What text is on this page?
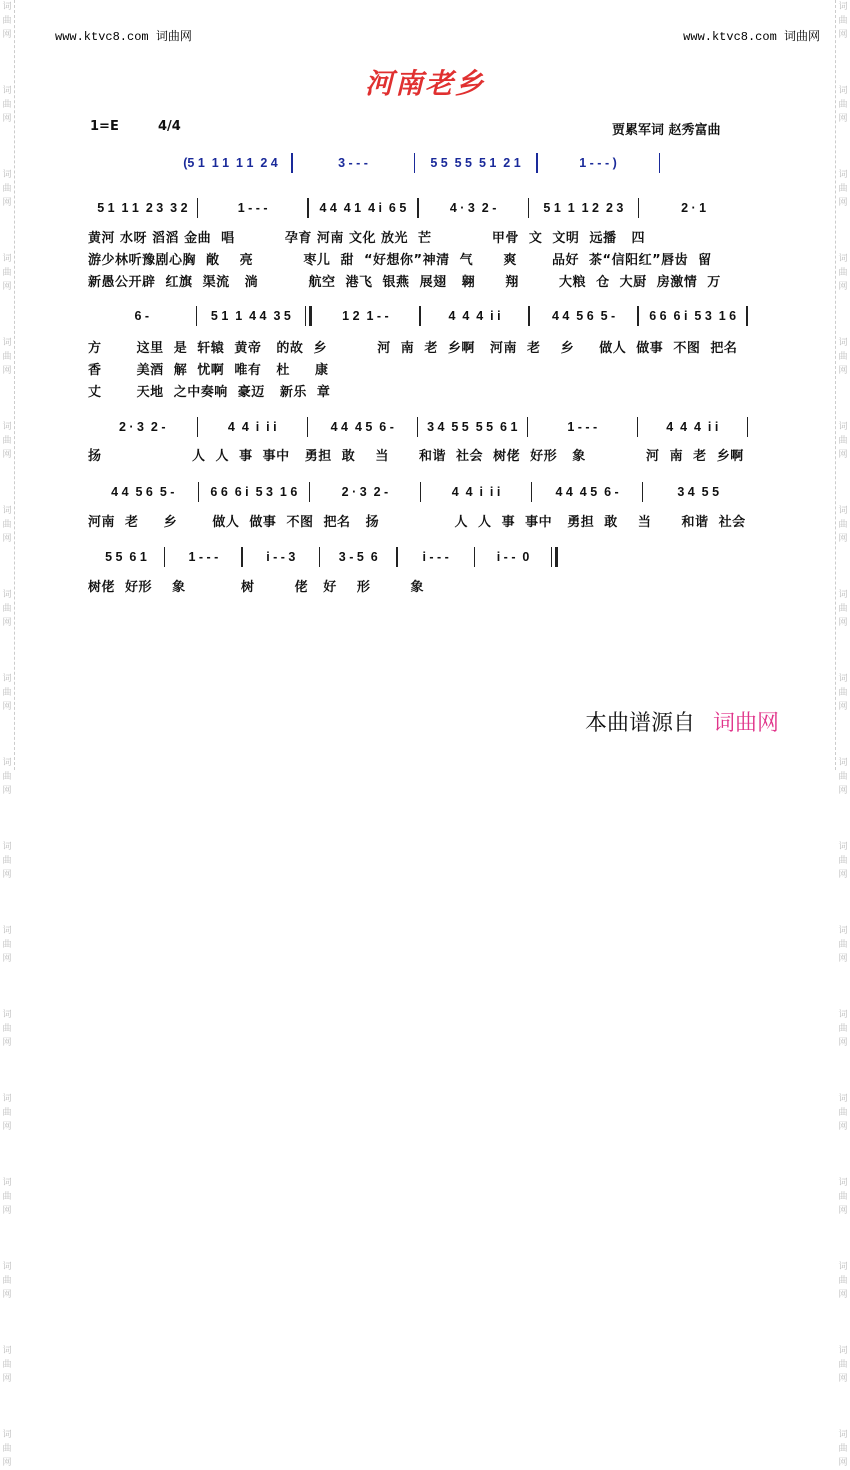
词
曲
网

词
曲
网

词
曲
网

词
曲
网

词
曲
网

词
曲
网

词
曲
网

词
曲
网

词
曲
网

词
曲
网

词
曲
网

词
曲
网

词
曲
网

词
曲
网

词
曲
网

词
曲
网

词
曲
网

词
曲
网
词
曲
网

词
曲
网

词
曲
网

词
曲
网

词
曲
网

词
曲
网

词
曲
网

词
曲
网

词
曲
网

词
曲
网

词
曲
网

词
曲
网

词
曲
网

词
曲
网

词
曲
网

词
曲
网

词
曲
网

词
曲
网
www.ktvc8.com 词曲网	www.ktvc8.com 词曲网
河南老乡
1=E	4/4	贾累军词 赵秀富曲
(5 1  1 1  1 1  2 4	3 - - -	5 5  5 5  5 1  2 1	1 - - - )
5 1  1 1  2 3  3 2	1 - - -	4 4  4 1  4 i  6 5	4 · 3  2 -	5 1  1  1 2  2 3	2 · 1
6 -	5 1  1  4 4  3 5	1 2  1 - -	4  4  4  i i	4 4  5 6  5 -	6 6  6 i  5 3  1 6
2 · 3  2 -	4  4  i  i i	4 4  4 5  6 -	3 4  5 5  5 5  6 1	1 - - -	4  4  4  i i
4 4  5 6  5 -	6 6  6 i  5 3  1 6	2 · 3  2 -	4  4  i  i i	4 4  4 5  6 -	3 4  5 5
5 5  6 1	1 - - -	i - - 3	3 - 5  6	i - - -	i - -  0
黄河 水呀 滔滔 金曲  唱          孕育 河南 文化 放光  芒            甲骨  文  文明  远播   四
游少林听豫剧心胸  敞    亮          枣儿  甜  “好想你”神清  气      爽       品好  茶“信阳红”唇齿  留
新愚公开辟  红旗  渠流   淌          航空  港飞  银燕  展翅   翱      翔        大粮  仓  大厨  房激情  万
方       这里  是  轩辕  黄帝   的故  乡          河  南  老  乡啊   河南  老    乡     做人  做事  不图  把名
香       美酒  解  忧啊  唯有   杜     康
丈       天地  之中奏响  豪迈   新乐  章
扬                  人  人  事  事中   勇担  敢    当      和谐  社会  树佬  好形   象            河  南  老  乡啊
河南  老     乡       做人  做事  不图  把名   扬               人  人  事  事中   勇担  敢    当      和谐  社会
树佬  好形    象           树        佬   好    形        象
本曲谱源自 词曲网
